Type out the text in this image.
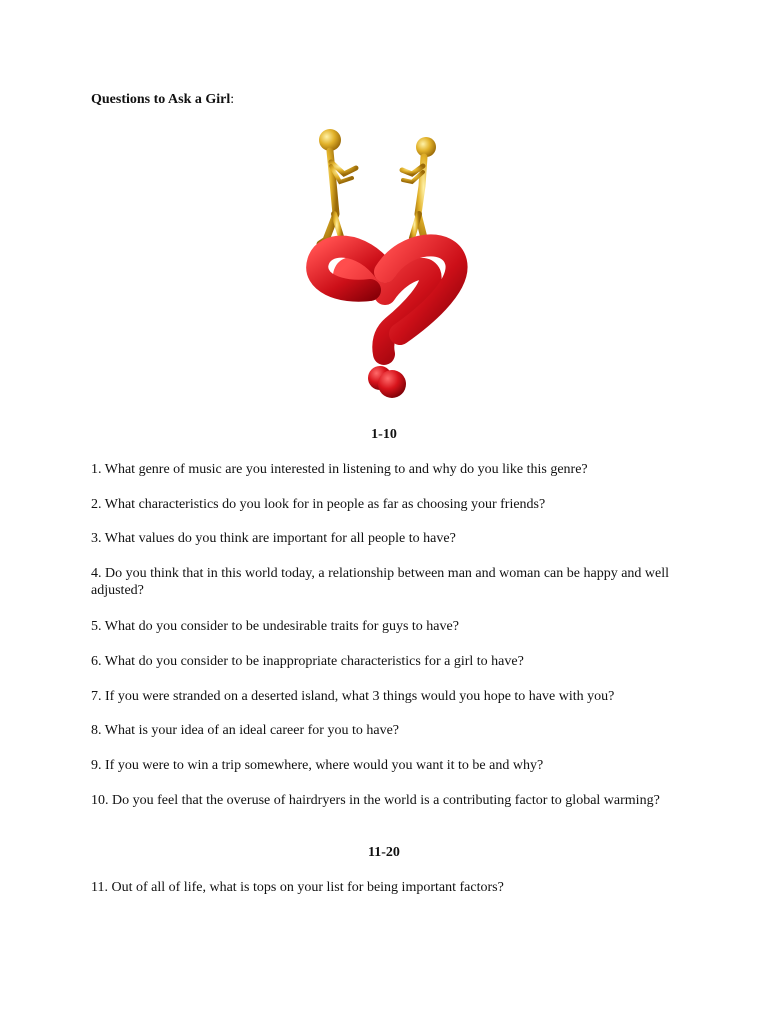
Questions to Ask a Girl:
1-10
1. What genre of music are you interested in listening to and why do you like this genre?
2. What characteristics do you look for in people as far as choosing your friends?
3. What values do you think are important for all people to have?
4. Do you think that in this world today, a relationship between man and woman can be happy and well adjusted?
5. What do you consider to be undesirable traits for guys to have?
6. What do you consider to be inappropriate characteristics for a girl to have?
7. If you were stranded on a deserted island, what 3 things would you hope to have with you?
8. What is your idea of an ideal career for you to have?
9. If you were to win a trip somewhere, where would you want it to be and why?
10. Do you feel that the overuse of hairdryers in the world is a contributing factor to global warming?
11-20
11. Out of all of life, what is tops on your list for being important factors?
